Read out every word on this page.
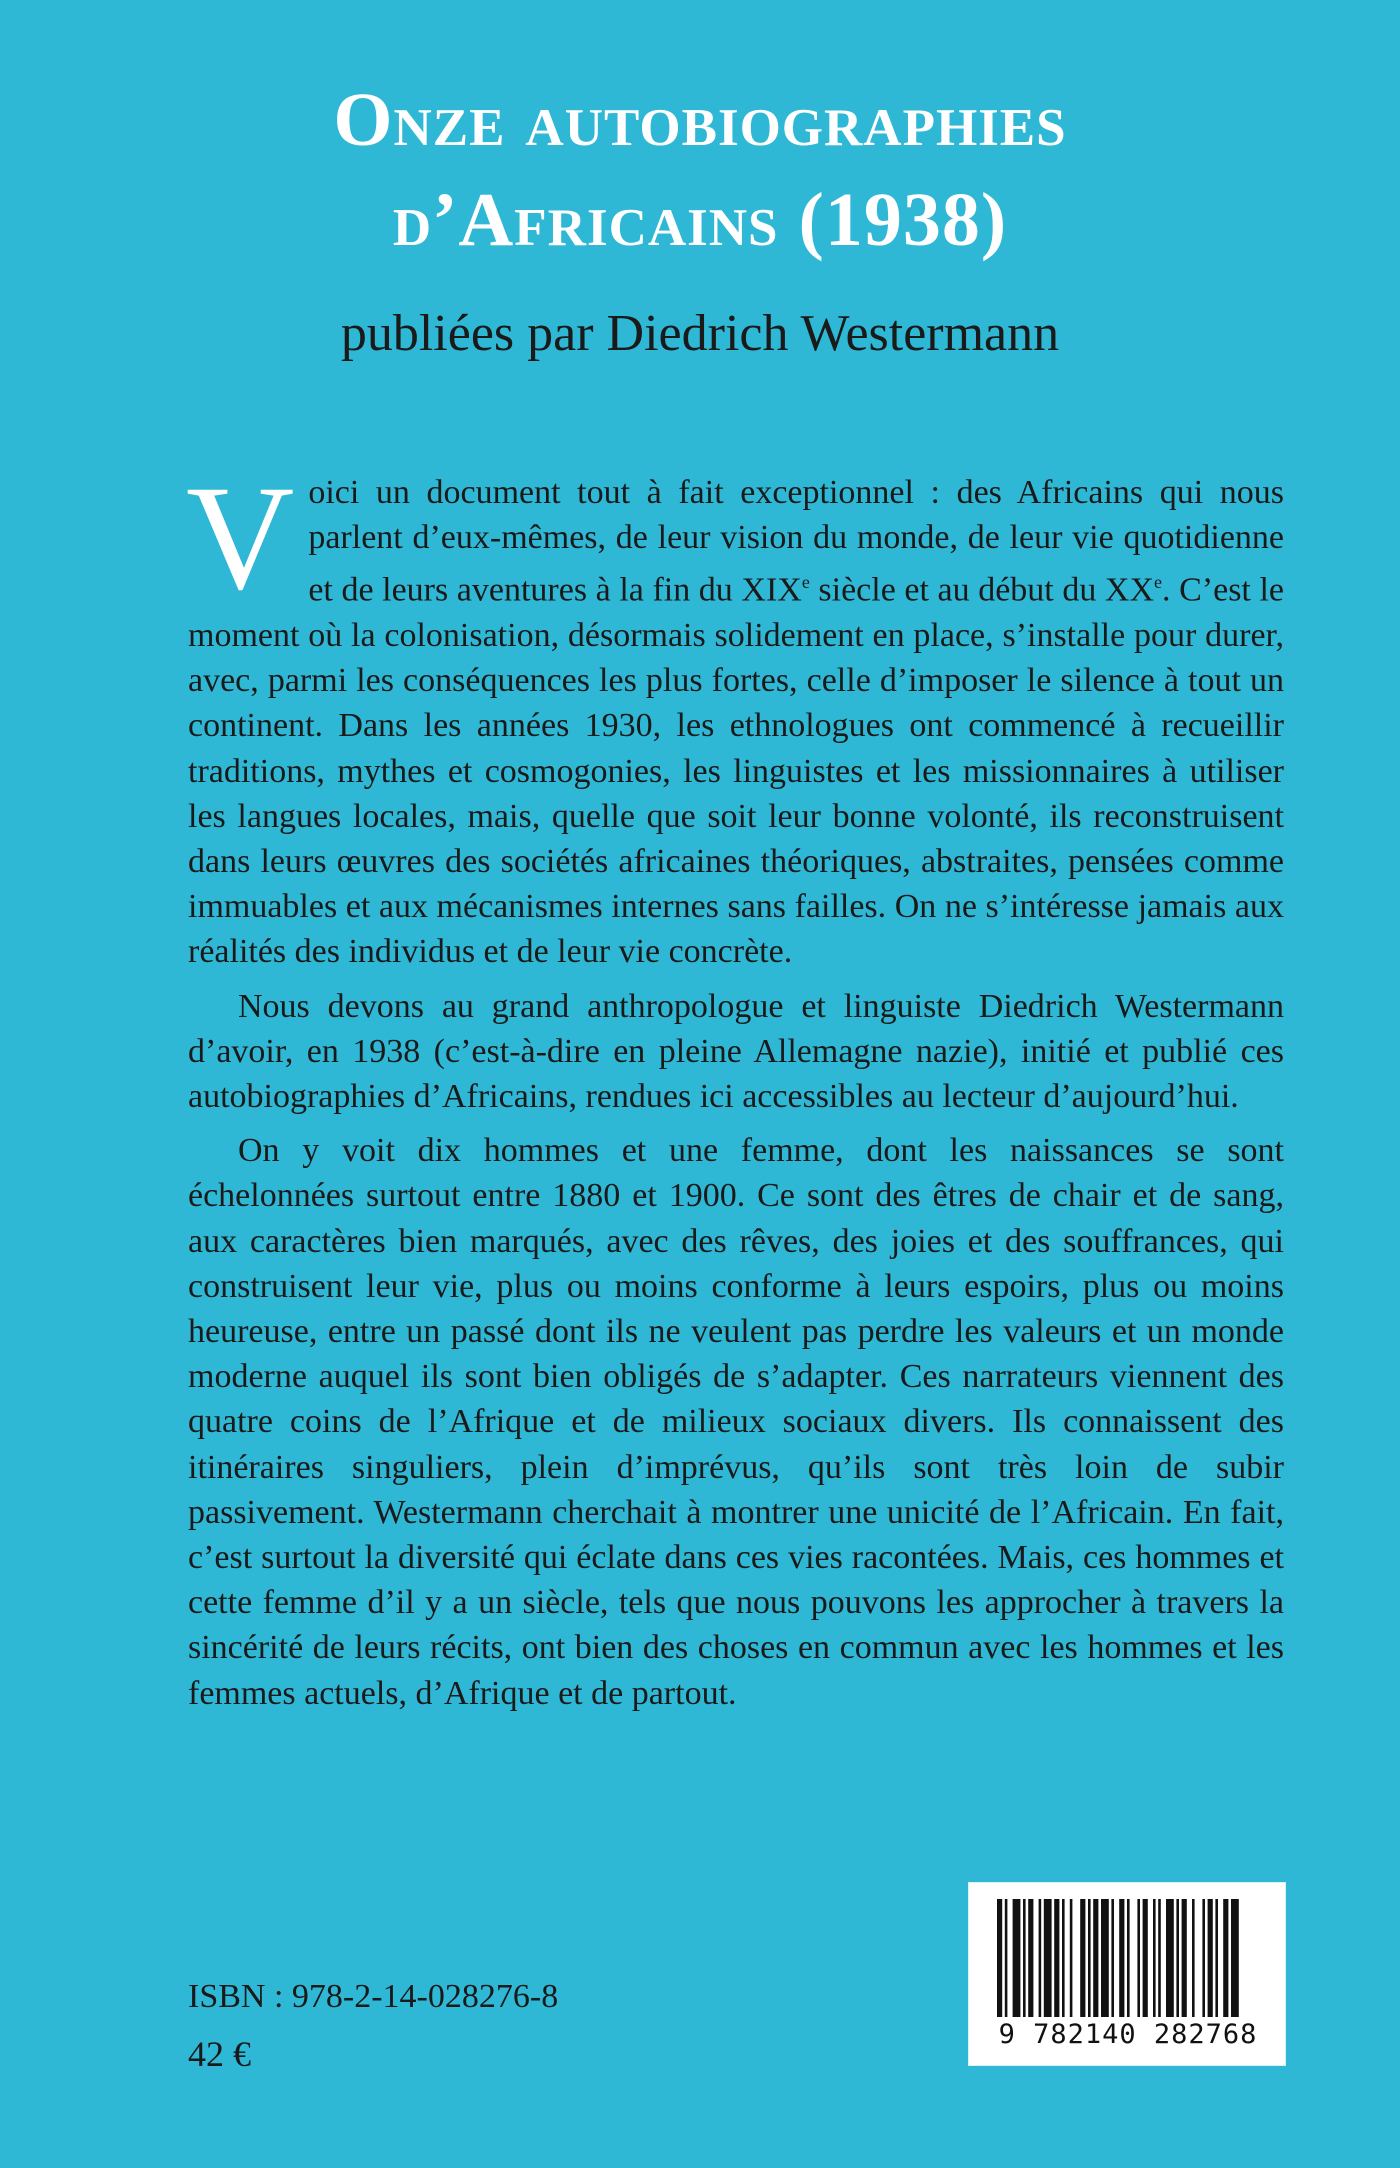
Onze autobiographies
d’Africains (1938)
publiées par Diedrich Westermann

Voici un document tout à fait exceptionnel : des Africains qui nous parlent d’eux-mêmes, de leur vision du monde, de leur vie quotidienne et de leurs aventures à la fin du XIXe siècle et au début du XXe. C’est le moment où la colonisation, désormais solidement en place, s’installe pour durer, avec, parmi les conséquences les plus fortes, celle d’imposer le silence à tout un continent. Dans les années 1930, les ethnologues ont commencé à recueillir traditions, mythes et cosmogonies, les linguistes et les missionnaires à utiliser les langues locales, mais, quelle que soit leur bonne volonté, ils reconstruisent dans leurs œuvres des sociétés africaines théoriques, abstraites, pensées comme immuables et aux mécanismes internes sans failles. On ne s’intéresse jamais aux réalités des individus et de leur vie concrète.

Nous devons au grand anthropologue et linguiste Diedrich Westermann d’avoir, en 1938 (c’est-à-dire en pleine Allemagne nazie), initié et publié ces autobiographies d’Africains, rendues ici accessibles au lecteur d’aujourd’hui.

On y voit dix hommes et une femme, dont les naissances se sont échelonnées surtout entre 1880 et 1900. Ce sont des êtres de chair et de sang, aux caractères bien marqués, avec des rêves, des joies et des souffrances, qui construisent leur vie, plus ou moins conforme à leurs espoirs, plus ou moins heureuse, entre un passé dont ils ne veulent pas perdre les valeurs et un monde moderne auquel ils sont bien obligés de s’adapter. Ces narrateurs viennent des quatre coins de l’Afrique et de milieux sociaux divers. Ils connaissent des itinéraires singuliers, plein d’imprévus, qu’ils sont très loin de subir passivement. Westermann cherchait à montrer une unicité de l’Africain. En fait, c’est surtout la diversité qui éclate dans ces vies racontées. Mais, ces hommes et cette femme d’il y a un siècle, tels que nous pouvons les approcher à travers la sincérité de leurs récits, ont bien des choses en commun avec les hommes et les femmes actuels, d’Afrique et de partout.

ISBN : 978-2-14-028276-8
42 €	9 782140 282768
